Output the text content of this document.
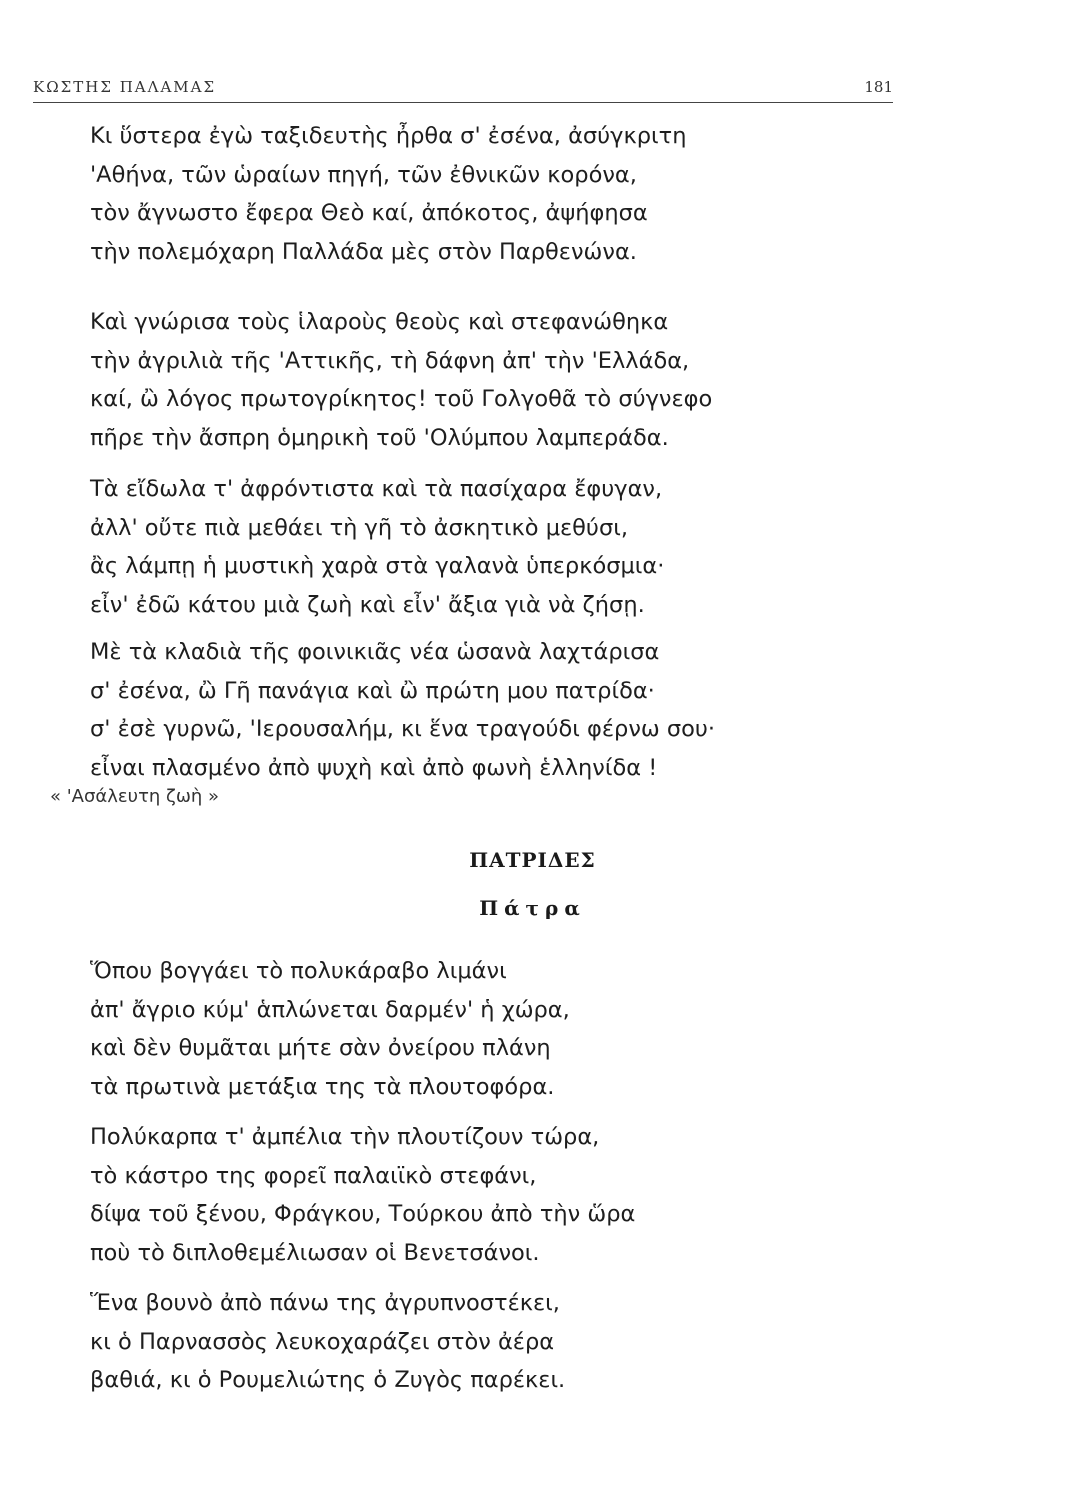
ΚΩΣΤΗΣ ΠΑΛΑΜΑΣ	181
Κι ὕστερα ἐγὼ ταξιδευτὴς ἦρθα σ' ἐσένα, ἀσύγκριτη
'Αθήνα, τῶν ὡραίων πηγή, τῶν ἐθνικῶν κορόνα,
τὸν ἄγνωστο ἔφερα Θεὸ καί, ἀπόκοτος, ἀψήφησα
τὴν πολεμόχαρη Παλλάδα μὲς στὸν Παρθενώνα.
Καὶ γνώρισα τοὺς ἱλαροὺς θεοὺς καὶ στεφανώθηκα
τὴν ἀγριλιὰ τῆς 'Αττικῆς, τὴ δάφνη ἀπ' τὴν 'Ελλάδα,
καί, ὢ λόγος πρωτογρίκητος! τοῦ Γολγοθᾶ τὸ σύγνεφο
πῆρε τὴν ἄσπρη ὁμηρικὴ τοῦ 'Ολύμπου λαμπεράδα.
Τὰ εἴδωλα τ' ἀφρόντιστα καὶ τὰ πασίχαρα ἔφυγαν,
ἀλλ' οὔτε πιὰ μεθάει τὴ γῆ τὸ ἀσκητικὸ μεθύσι,
ἂς λάμπῃ ἡ μυστικὴ χαρὰ στὰ γαλανὰ ὑπερκόσμια·
εἶν' ἐδῶ κάτου μιὰ ζωὴ καὶ εἶν' ἄξια γιὰ νὰ ζήσῃ.
Μὲ τὰ κλαδιὰ τῆς φοινικιᾶς νέα ὡσανὰ λαχτάρισα
σ' ἐσένα, ὢ Γῆ πανάγια καὶ ὢ πρώτη μου πατρίδα·
σ' ἐσὲ γυρνῶ, 'Ιερουσαλήμ, κι ἕνα τραγούδι φέρνω σου·
εἶναι πλασμένο ἀπὸ ψυχὴ καὶ ἀπὸ φωνὴ ἑλληνίδα !
« 'Ασάλευτη ζωὴ »
ΠΑΤΡΙΔΕΣ
Πάτρα
Ὅπου βογγάει τὸ πολυκάραβο λιμάνι
ἀπ' ἄγριο κύμ' ἁπλώνεται δαρμέν' ἡ χώρα,
καὶ δὲν θυμᾶται μήτε σὰν ὀνείρου πλάνη
τὰ πρωτινὰ μετάξια της τὰ πλουτοφόρα.
Πολύκαρπα τ' ἀμπέλια τὴν πλουτίζουν τώρα,
τὸ κάστρο της φορεῖ παλαιϊκὸ στεφάνι,
δίψα τοῦ ξένου, Φράγκου, Τούρκου ἀπὸ τὴν ὥρα
ποὺ τὸ διπλοθεμέλιωσαν οἱ Βενετσάνοι.
Ἕνα βουνὸ ἀπὸ πάνω της ἀγρυπνοστέκει,
κι ὁ Παρνασσὸς λευκοχαράζει στὸν ἀέρα
βαθιά, κι ὁ Ρουμελιώτης ὁ Ζυγὸς παρέκει.
